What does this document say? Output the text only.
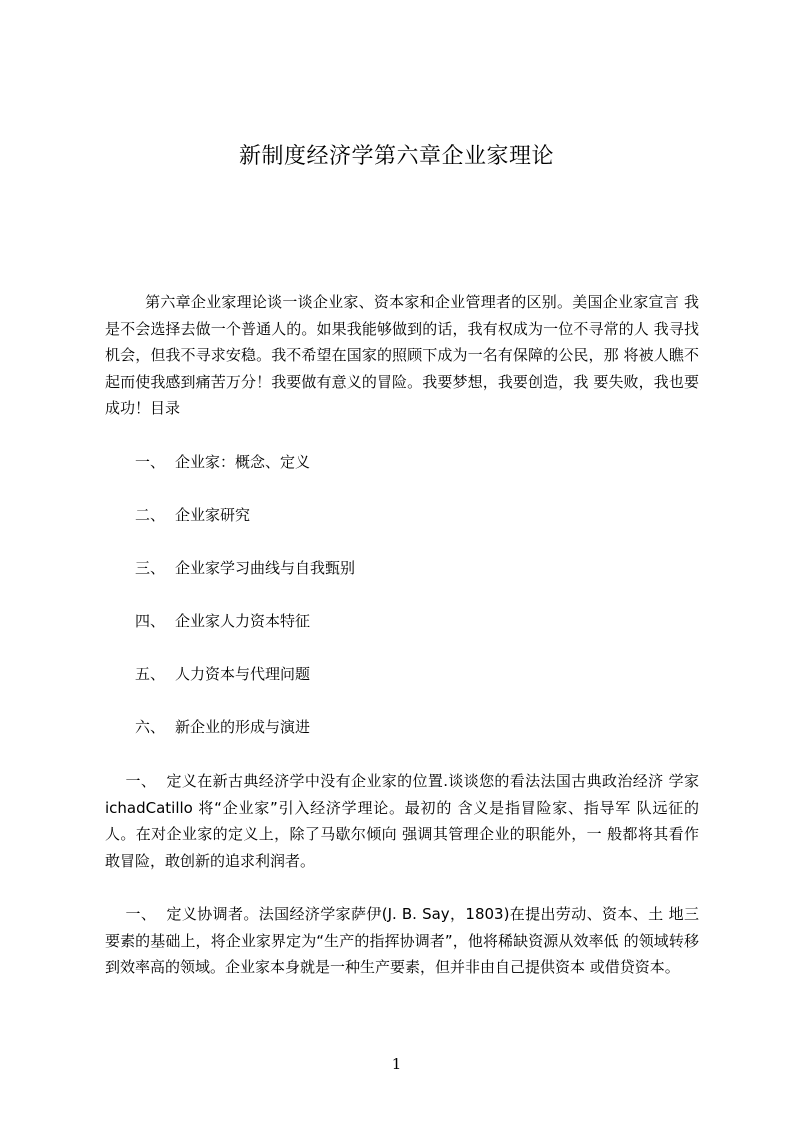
新制度经济学第六章企业家理论
第六章企业家理论谈一谈企业家、资本家和企业管理者的区别。美国企业家宣言 我是不会选择去做一个普通人的。如果我能够做到的话，我有权成为一位不寻常的人 我寻找机会，但我不寻求安稳。我不希望在国家的照顾下成为一名有保障的公民，那 将被人瞧不起而使我感到痛苦万分！我要做有意义的冒险。我要梦想，我要创造，我 要失败，我也要成功！目录
一、 企业家：概念、定义
二、 企业家研究
三、 企业家学习曲线与自我甄别
四、 企业家人力资本特征
五、 人力资本与代理问题
六、 新企业的形成与演进
一、  定义在新古典经济学中没有企业家的位置.谈谈您的看法法国古典政治经济 学家 ichadCatillo 将“企业家”引入经济学理论。最初的 含义是指冒险家、指导军 队远征的人。在对企业家的定义上，除了马歇尔倾向 强调其管理企业的职能外，一 般都将其看作敢冒险，敢创新的追求利润者。
一、  定义协调者。法国经济学家萨伊(J. B. Say，1803)在提出劳动、资本、土 地三要素的基础上，将企业家界定为“生产的指挥协调者”，他将稀缺资源从效率低 的领域转移到效率高的领域。企业家本身就是一种生产要素，但并非由自己提供资本 或借贷资本。
1
